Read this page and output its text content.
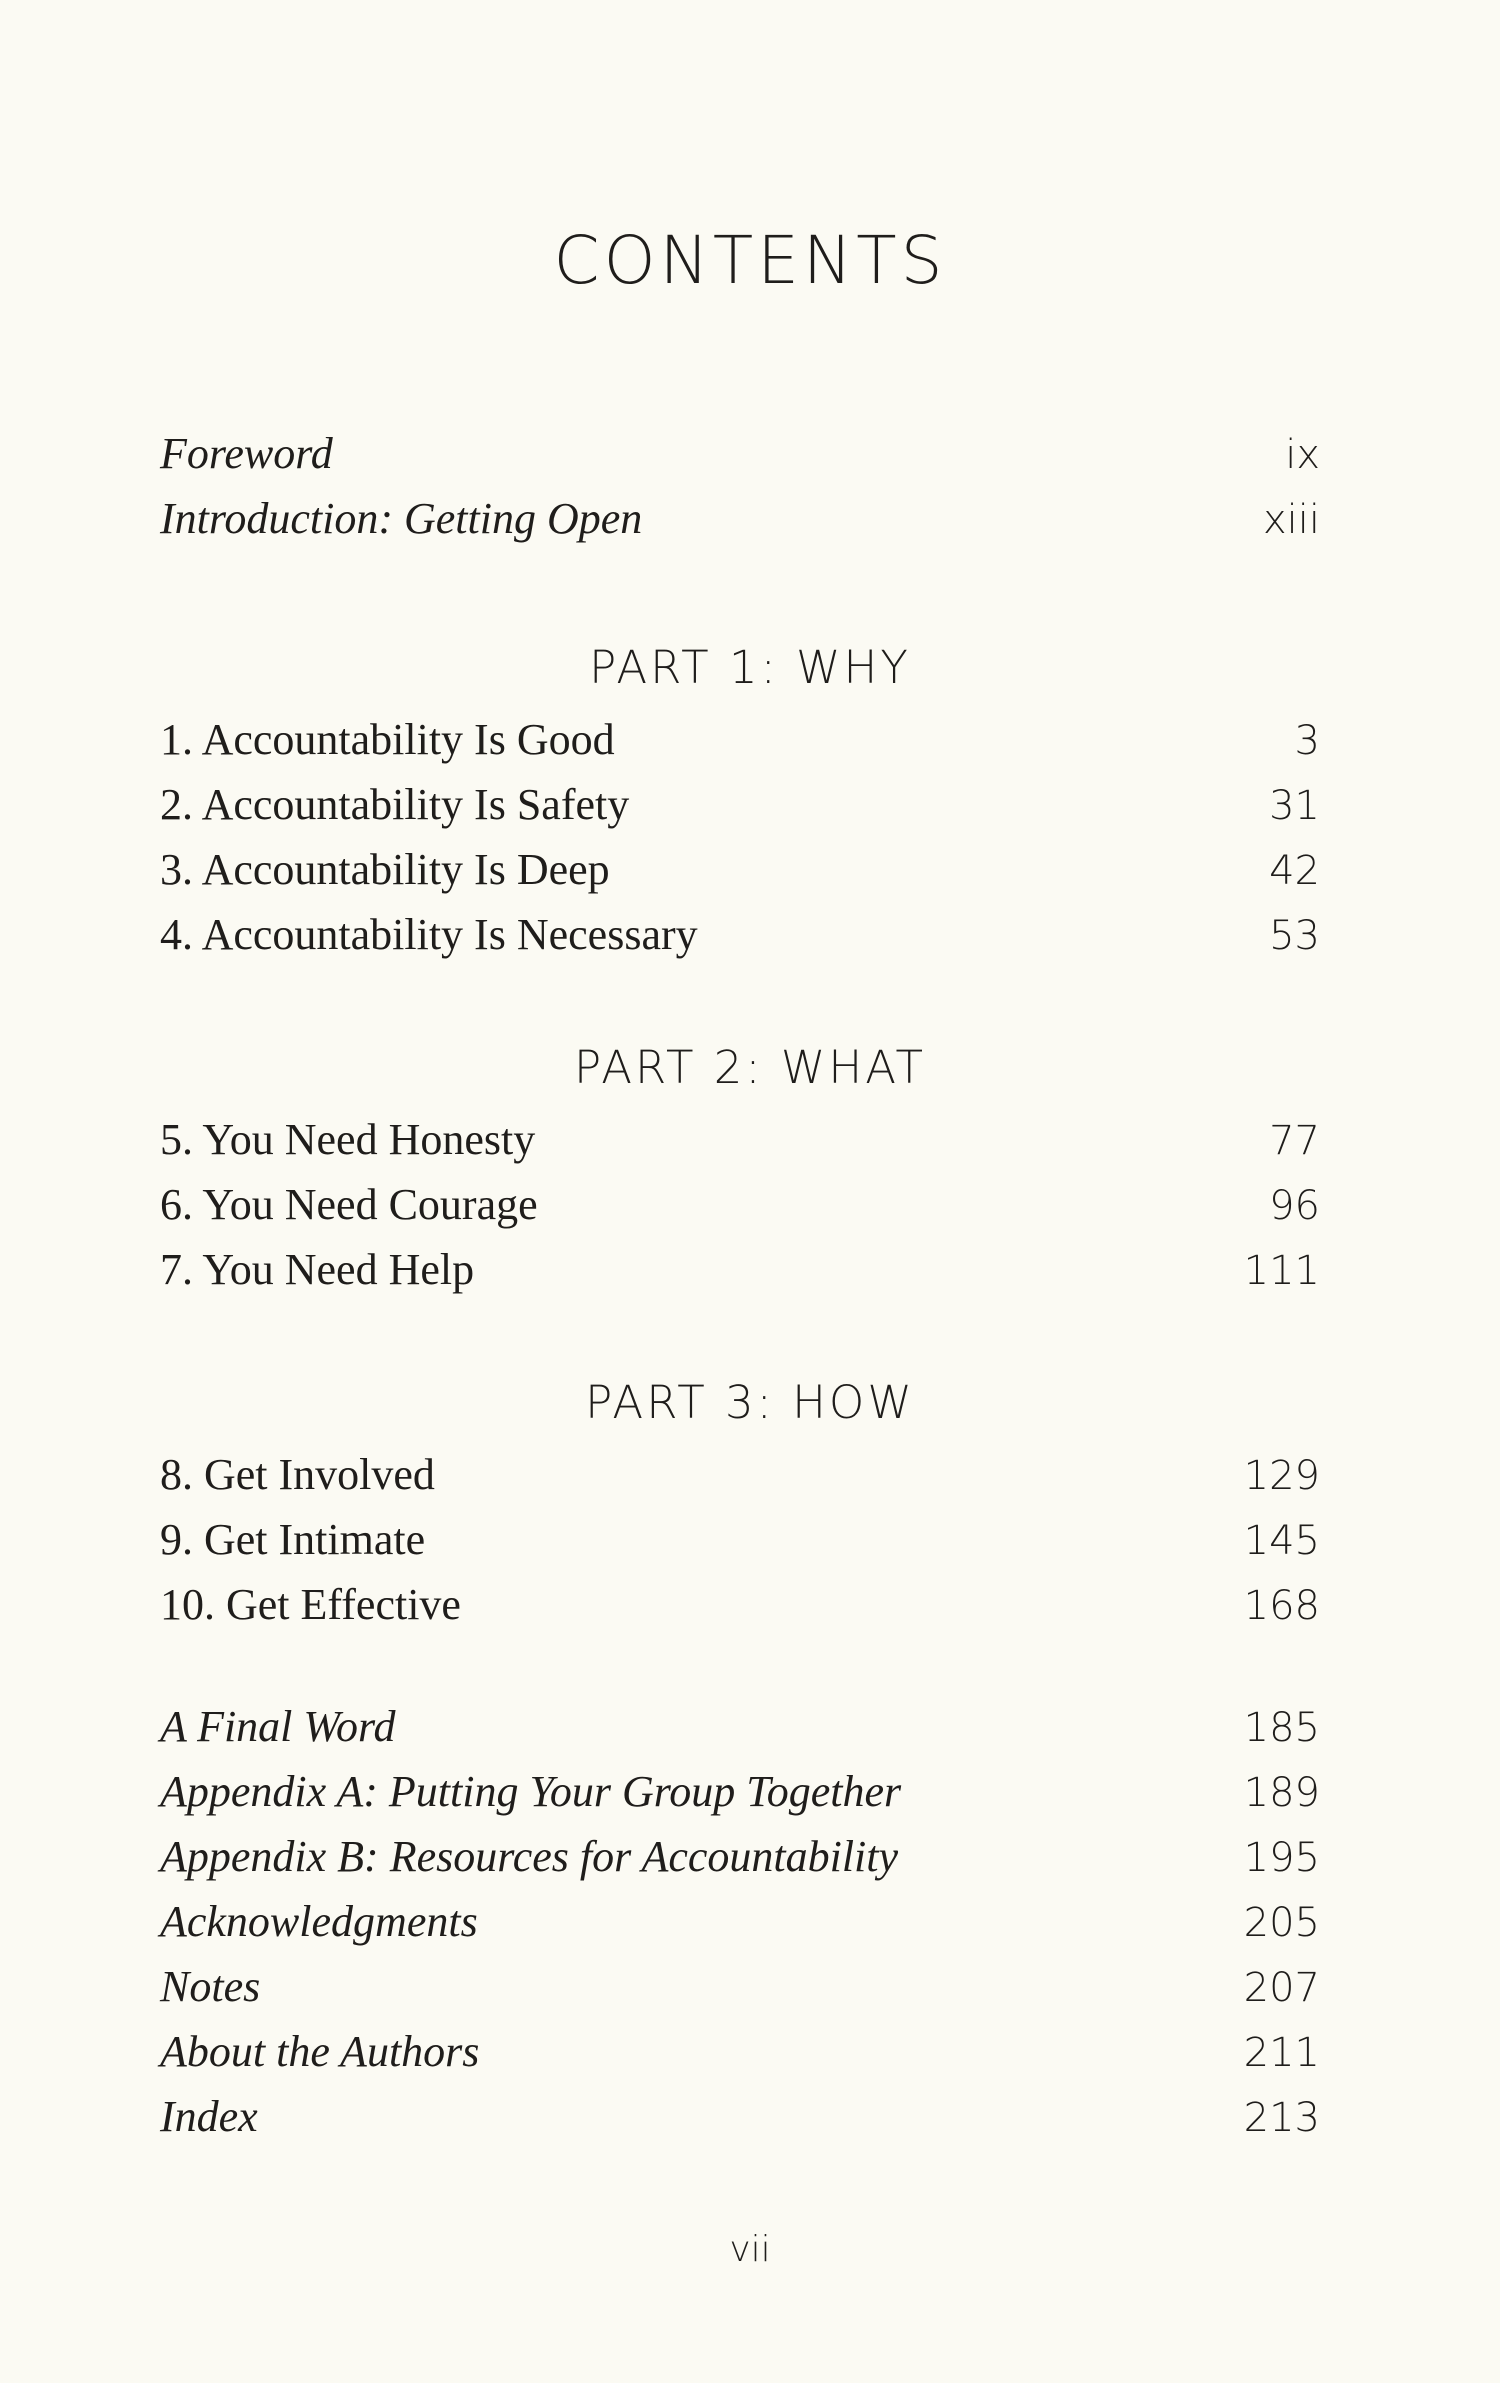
CONTENTS
Foreword	ix
Introduction: Getting Open	xiii
PART 1: WHY
1. Accountability Is Good	3
2. Accountability Is Safety	31
3. Accountability Is Deep	42
4. Accountability Is Necessary	53
PART 2: WHAT
5. You Need Honesty	77
6. You Need Courage	96
7. You Need Help	111
PART 3: HOW
8. Get Involved	129
9. Get Intimate	145
10. Get Effective	168
A Final Word	185
Appendix A: Putting Your Group Together	189
Appendix B: Resources for Accountability	195
Acknowledgments	205
Notes	207
About the Authors	211
Index	213
vii
